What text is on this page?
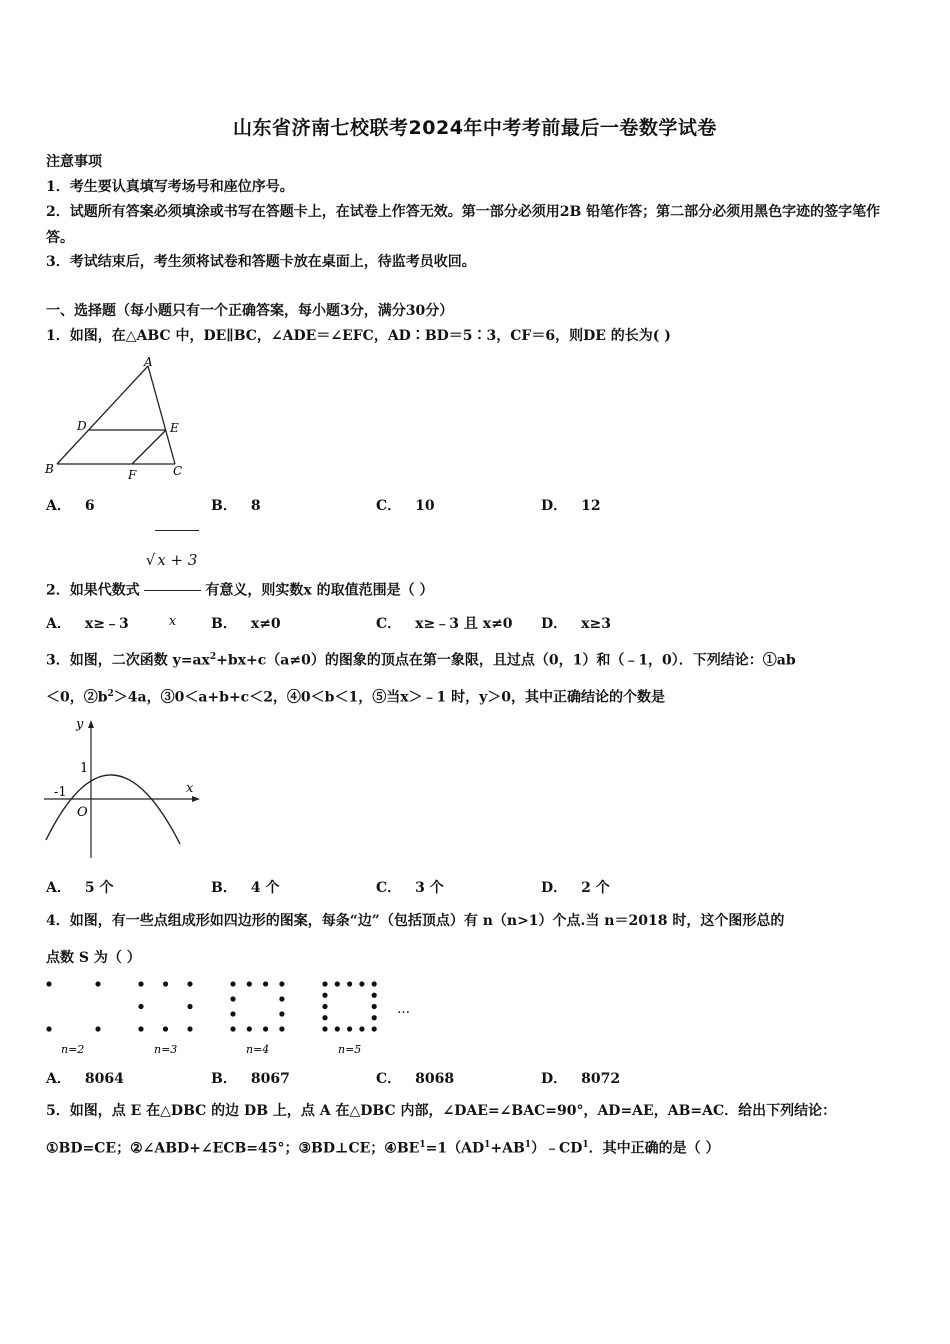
山东省济南七校联考2024年中考考前最后一卷数学试卷
注意事项
1．考生要认真填写考场号和座位序号。
2．试题所有答案必须填涂或书写在答题卡上，在试卷上作答无效。第一部分必须用2B 铅笔作答；第二部分必须用黑色字迹的签字笔作答。
3．考试结束后，考生须将试卷和答题卡放在桌面上，待监考员收回。
一、选择题（每小题只有一个正确答案，每小题3分，满分30分）
1．如图，在△ABC 中，DE∥BC，∠ADE＝∠EFC，AD∶BD＝5∶3，CF＝6，则DE 的长为( )
A
D	E
B	F	C
A． 6	B． 8	C． 10	D． 12
2．如果代数式 $\frac{√ x + 3}{x}$ 有意义，则实数x 的取值范围是（ ）
A． x≥﹣3	B． x≠0	C． x≥﹣3 且 x≠0 D． x≥3
3．如图，二次函数 $y=ax^2+bx+c(a\ne 0)$的图象的顶点在第一象限，且过点（0，1）和（﹣1，0）．下列结论：①ab
＜0，$②b^2>4a$，③0＜a+b+c＜2，④0＜b＜1，⑤当x＞﹣1 时，y＞0，其中正确结论的个数是
y
x
1
-1
O
A． 5 个	B． 4 个	C． 3 个	D． 2 个
4．如图，有一些点组成形如四边形的图案，每条“边”（包括顶点）有 n（n>1）个点.当 n＝2018 时，这个图形总的
点数 S 为（ ）
n=2	n=3	n=4	n=5
…
A． 8064	B． 8067	C． 8068	D． 8072
5．如图，点 E 在△DBC 的边 DB 上，点 A 在△DBC 内部，∠DAE=∠BAC=90°，AD=AE，AB=AC．给出下列结论：
①BD=CE；②∠ABD+∠ECB=45°；③BD⊥CE；$④BE^1=1(AD^1+AB^1)﹣CD^1$．其中正确的是（ ）
